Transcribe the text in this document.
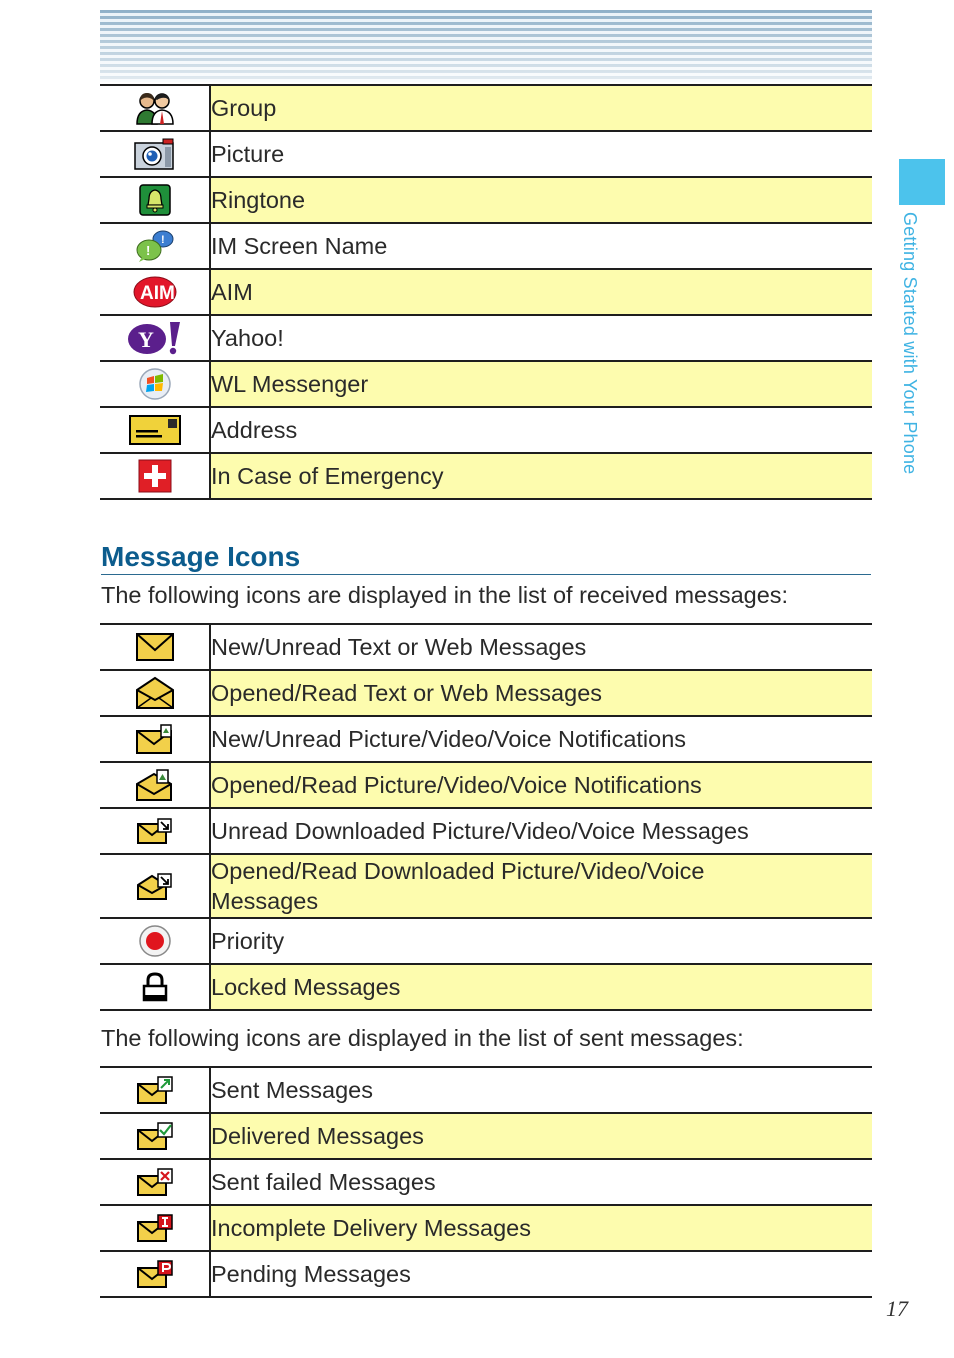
Getting Started with Your Phone
	Group

	Picture

	Ringtone

!
!	IM Screen Name

AIM	AIM

Y	Yahoo!

	WL Messenger

	Address

	In Case of Emergency
Message Icons
The following icons are displayed in the list of received messages:
	New/Unread Text or Web Messages

	Opened/Read Text or Web Messages

	New/Unread Picture/Video/Voice Notifications

	Opened/Read Picture/Video/Voice Notifications

	Unread Downloaded Picture/Video/Voice Messages

	Opened/Read Downloaded Picture/Video/Voice Messages

	Priority

	Locked Messages
The following icons are displayed in the list of sent messages:
	Sent Messages

	Delivered Messages

	Sent failed Messages

	Incomplete Delivery Messages

	Pending Messages
17
